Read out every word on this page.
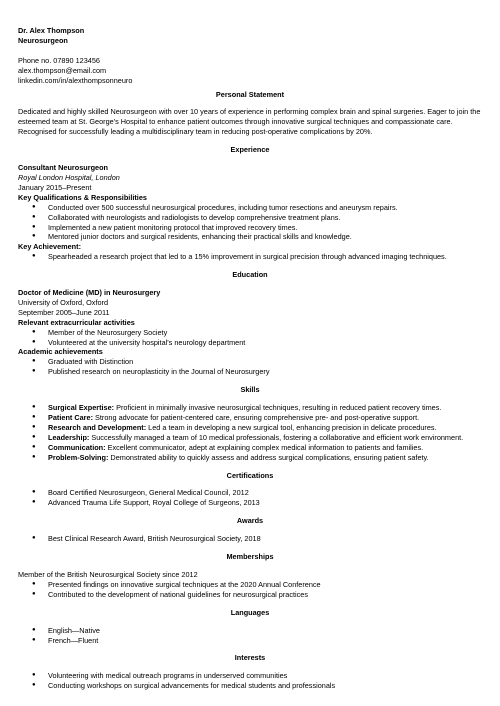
Dr. Alex Thompson

Neurosurgeon

Phone no. 07890 123456
alex.thompson@email.com
linkedin.com/in/alexthompsonneuro
Personal Statement

Dedicated and highly skilled Neurosurgeon with over 10 years of experience in performing complex brain and spinal surgeries. Eager to join the esteemed team at St. George's Hospital to enhance patient outcomes through innovative surgical techniques and compassionate care. Recognised for successfully leading a multidisciplinary team in reducing post-operative complications by 20%.

Experience

Consultant Neurosurgeon

Royal London Hospital, London

January 2015–Present

Key Qualifications & Responsibilities

● Conducted over 500 successful neurosurgical procedures, including tumor resections and aneurysm repairs.
● Collaborated with neurologists and radiologists to develop comprehensive treatment plans.
● Implemented a new patient monitoring protocol that improved recovery times.
● Mentored junior doctors and surgical residents, enhancing their practical skills and knowledge.

Key Achievement:

● Spearheaded a research project that led to a 15% improvement in surgical precision through advanced imaging techniques.
Education

Doctor of Medicine (MD) in Neurosurgery

University of Oxford, Oxford

September 2005–June 2011

Relevant extracurricular activities

● Member of the Neurosurgery Society
● Volunteered at the university hospital's neurology department

Academic achievements

● Graduated with Distinction
● Published research on neuroplasticity in the Journal of Neurosurgery
Skills
● Surgical Expertise: Proficient in minimally invasive neurosurgical techniques, resulting in reduced patient recovery times.
● Patient Care: Strong advocate for patient-centered care, ensuring comprehensive pre- and post-operative support.
● Research and Development: Led a team in developing a new surgical tool, enhancing precision in delicate procedures.
● Leadership: Successfully managed a team of 10 medical professionals, fostering a collaborative and efficient work environment.
● Communication: Excellent communicator, adept at explaining complex medical information to patients and families.
● Problem-Solving: Demonstrated ability to quickly assess and address surgical complications, ensuring patient safety.
Certifications
● Board Certified Neurosurgeon, General Medical Council, 2012
● Advanced Trauma Life Support, Royal College of Surgeons, 2013
Awards
● Best Clinical Research Award, British Neurosurgical Society, 2018
Memberships

Member of the British Neurosurgical Society since 2012

● Presented findings on innovative surgical techniques at the 2020 Annual Conference
● Contributed to the development of national guidelines for neurosurgical practices
Languages
● English—Native
● French—Fluent
Interests
● Volunteering with medical outreach programs in underserved communities
● Conducting workshops on surgical advancements for medical students and professionals
